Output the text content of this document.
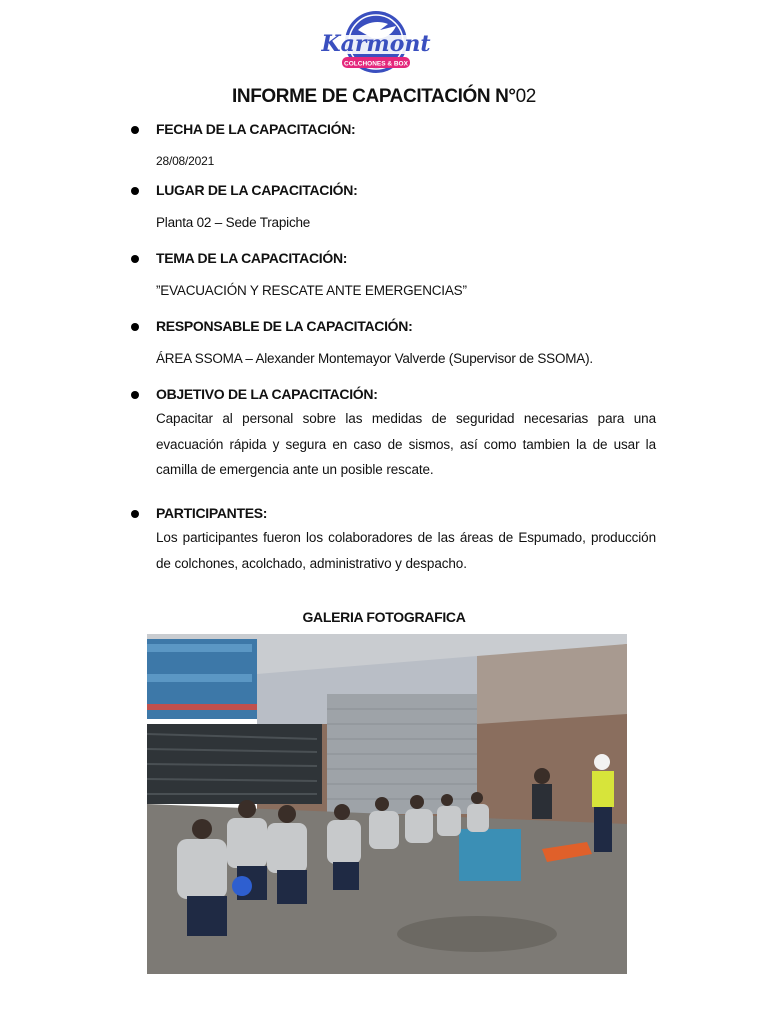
Karmont
COLCHONES & BOX
INFORME DE CAPACITACIÓN N°02
FECHA DE LA CAPACITACIÓN:
28/08/2021
LUGAR DE LA CAPACITACIÓN:
Planta 02 – Sede Trapiche
TEMA DE LA CAPACITACIÓN:
”EVACUACIÓN Y RESCATE ANTE EMERGENCIAS”
RESPONSABLE DE LA CAPACITACIÓN:
ÁREA SSOMA – Alexander Montemayor Valverde (Supervisor de SSOMA).
OBJETIVO DE LA CAPACITACIÓN:
Capacitar al personal sobre las medidas de seguridad necesarias para una evacuación rápida y segura en caso de sismos, así como tambien la de usar la camilla de emergencia ante un posible rescate.
PARTICIPANTES:
Los participantes fueron los colaboradores de las áreas de Espumado, producción de colchones, acolchado, administrativo y despacho.
GALERIA FOTOGRAFICA
